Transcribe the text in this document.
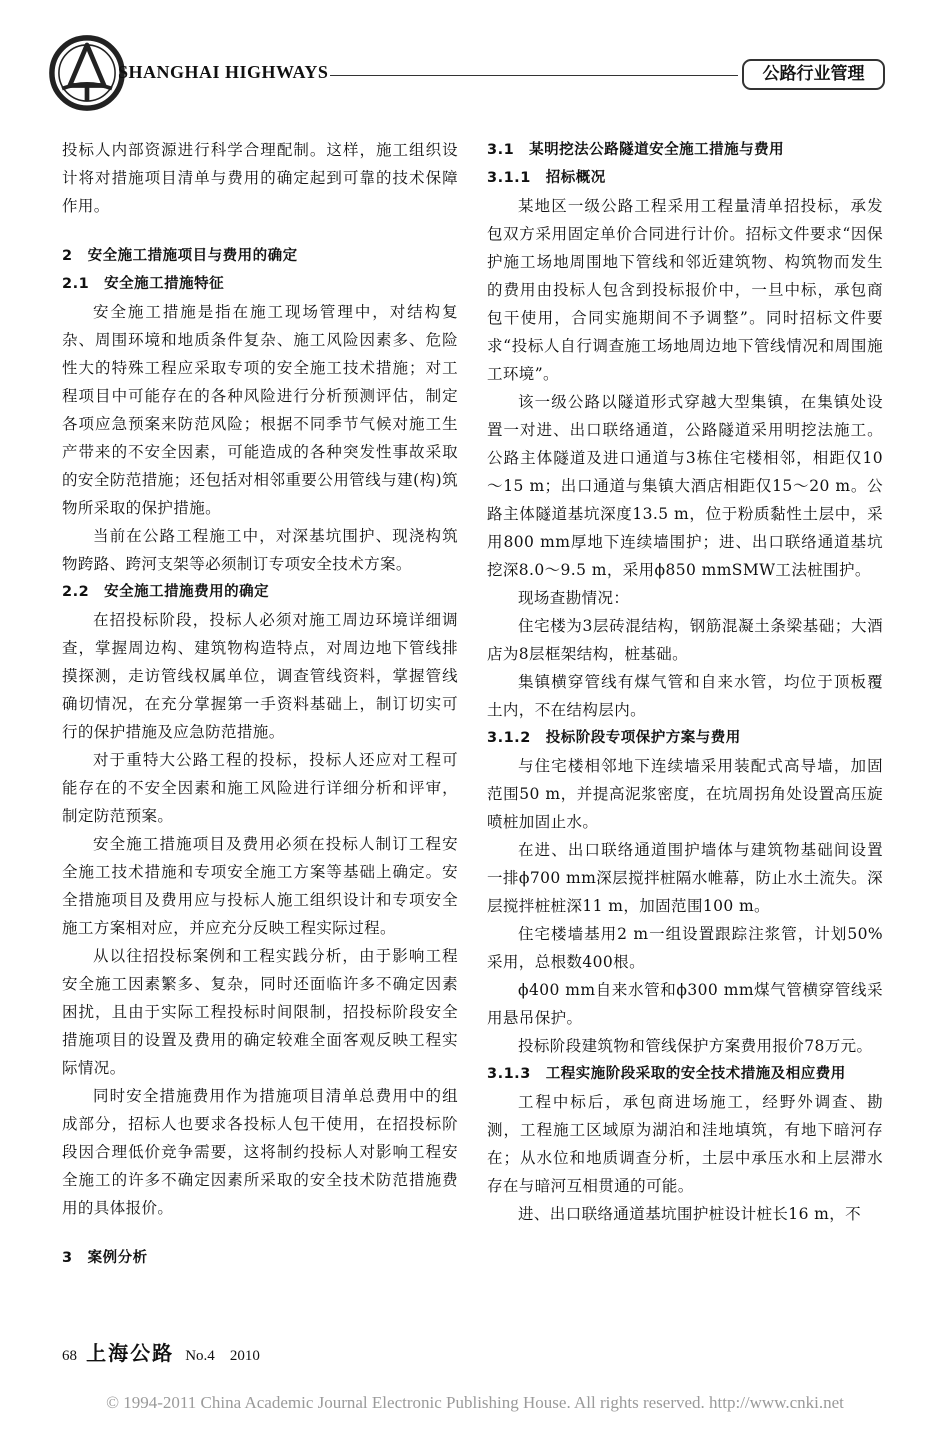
SHANGHAI HIGHWAYS	公路行业管理

投标人内部资源进行科学合理配制。这样，施工组织设计将对措施项目清单与费用的确定起到可靠的技术保障作用。

2　安全施工措施项目与费用的确定
2.1　安全施工措施特征

安全施工措施是指在施工现场管理中，对结构复杂、周围环境和地质条件复杂、施工风险因素多、危险性大的特殊工程应采取专项的安全施工技术措施；对工程项目中可能存在的各种风险进行分析预测评估，制定各项应急预案来防范风险；根据不同季节气候对施工生产带来的不安全因素，可能造成的各种突发性事故采取的安全防范措施；还包括对相邻重要公用管线与建(构)筑物所采取的保护措施。

当前在公路工程施工中，对深基坑围护、现浇构筑物跨路、跨河支架等必须制订专项安全技术方案。

2.2　安全施工措施费用的确定

在招投标阶段，投标人必须对施工周边环境详细调查，掌握周边构、建筑物构造特点，对周边地下管线排摸探测，走访管线权属单位，调查管线资料，掌握管线确切情况，在充分掌握第一手资料基础上，制订切实可行的保护措施及应急防范措施。

对于重特大公路工程的投标，投标人还应对工程可能存在的不安全因素和施工风险进行详细分析和评审，制定防范预案。

安全施工措施项目及费用必须在投标人制订工程安全施工技术措施和专项安全施工方案等基础上确定。安全措施项目及费用应与投标人施工组织设计和专项安全施工方案相对应，并应充分反映工程实际过程。

从以往招投标案例和工程实践分析，由于影响工程安全施工因素繁多、复杂，同时还面临许多不确定因素困扰，且由于实际工程投标时间限制，招投标阶段安全措施项目的设置及费用的确定较难全面客观反映工程实际情况。

同时安全措施费用作为措施项目清单总费用中的组成部分，招标人也要求各投标人包干使用，在招投标阶段因合理低价竞争需要，这将制约投标人对影响工程安全施工的许多不确定因素所采取的安全技术防范措施费用的具体报价。

3　案例分析
3.1　某明挖法公路隧道安全施工措施与费用
3.1.1　招标概况

某地区一级公路工程采用工程量清单招投标，承发包双方采用固定单价合同进行计价。招标文件要求“因保护施工场地周围地下管线和邻近建筑物、构筑物而发生的费用由投标人包含到投标报价中，一旦中标，承包商包干使用，合同实施期间不予调整”。同时招标文件要求“投标人自行调查施工场地周边地下管线情况和周围施工环境”。

该一级公路以隧道形式穿越大型集镇，在集镇处设置一对进、出口联络通道，公路隧道采用明挖法施工。公路主体隧道及进口通道与3栋住宅楼相邻，相距仅10～15 m；出口通道与集镇大酒店相距仅15～20 m。公路主体隧道基坑深度13.5 m，位于粉质黏性土层中，采用800 mm厚地下连续墙围护；进、出口联络通道基坑挖深8.0～9.5 m，采用ϕ850 mmSMW工法桩围护。

现场查勘情况：

住宅楼为3层砖混结构，钢筋混凝土条梁基础；大酒店为8层框架结构，桩基础。

集镇横穿管线有煤气管和自来水管，均位于顶板覆土内，不在结构层内。

3.1.2　投标阶段专项保护方案与费用

与住宅楼相邻地下连续墙采用装配式高导墙，加固范围50 m，并提高泥浆密度，在坑周拐角处设置高压旋喷桩加固止水。

在进、出口联络通道围护墙体与建筑物基础间设置一排ϕ700 mm深层搅拌桩隔水帷幕，防止水土流失。深层搅拌桩桩深11 m，加固范围100 m。

住宅楼墙基用2 m一组设置跟踪注浆管，计划50%采用，总根数400根。

ϕ400 mm自来水管和ϕ300 mm煤气管横穿管线采用悬吊保护。

投标阶段建筑物和管线保护方案费用报价78万元。

3.1.3　工程实施阶段采取的安全技术措施及相应费用

工程中标后，承包商进场施工，经野外调查、勘测，工程施工区域原为湖泊和洼地填筑，有地下暗河存在；从水位和地质调查分析，土层中承压水和上层滞水存在与暗河互相贯通的可能。

进、出口联络通道基坑围护桩设计桩长16 m，不

68 上海公路 No.4 2010
© 1994-2011 China Academic Journal Electronic Publishing House. All rights reserved. http://www.cnki.net
